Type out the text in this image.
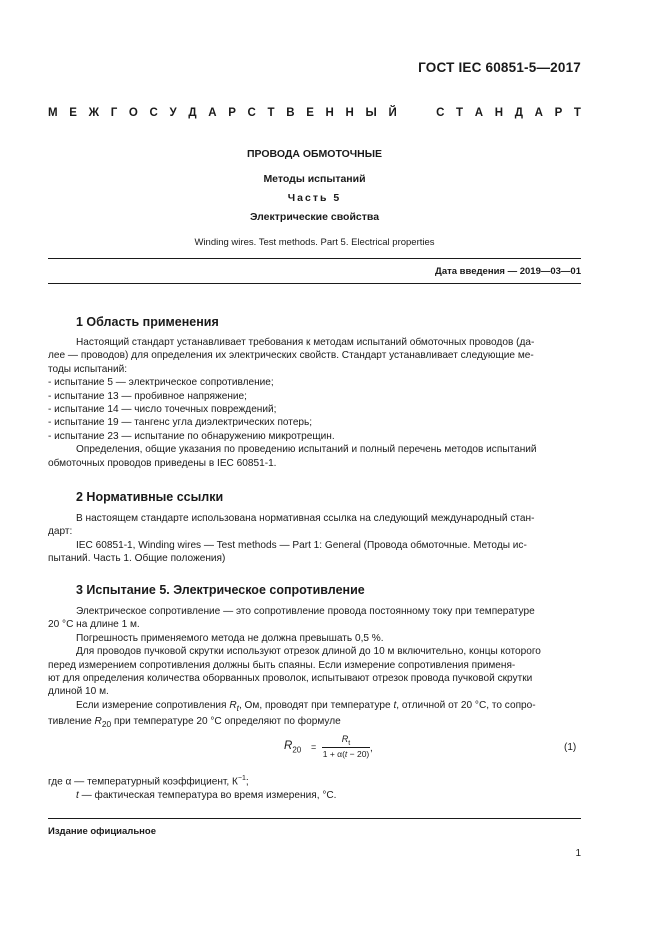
ГОСТ IEC 60851-5—2017
М Е Ж Г О С У Д А Р С Т В Е Н Н Ы Й	С Т А Н Д А Р Т
ПРОВОДА ОБМОТОЧНЫЕ
Методы испытаний
Часть 5
Электрические свойства
Winding wires. Test methods. Part 5. Electrical properties
Дата введения — 2019—03—01
1 Область применения
Настоящий стандарт устанавливает требования к методам испытаний обмоточных проводов (да-
лее — проводов) для определения их электрических свойств. Стандарт устанавливает следующие ме-
тоды испытаний:
- испытание 5 — электрическое сопротивление;
- испытание 13 — пробивное напряжение;
- испытание 14 — число точечных повреждений;
- испытание 19 — тангенс угла диэлектрических потерь;
- испытание 23 — испытание по обнаружению микротрещин.
Определения, общие указания по проведению испытаний и полный перечень методов испытаний
обмоточных проводов приведены в IEC 60851-1.
2 Нормативные ссылки
В настоящем стандарте использована нормативная ссылка на следующий международный стан-
дарт:
IEC 60851-1, Winding wires — Test methods — Part 1: General (Провода обмоточные. Методы ис-
пытаний. Часть 1. Общие положения)
3 Испытание 5. Электрическое сопротивление
Электрическое сопротивление — это сопротивление провода постоянному току при температуре
20 °С на длине 1 м.
Погрешность применяемого метода не должна превышать 0,5 %.
Для проводов пучковой скрутки используют отрезок длиной до 10 м включительно, концы которого
перед измерением сопротивления должны быть спаяны. Если измерение сопротивления применя-
ют для определения количества оборванных проволок, испытывают отрезок провода пучковой скрутки
длиной 10 м.
Если измерение сопротивления $R_t$, Ом, проводят при температуре t, отличной от 20 °С, то сопро-
тивление $R_{20}$ при температуре 20 °С определяют по формуле
$R_{20}$ =
$R_t$
1 + α(t − 20) ,	(1)
где α — температурный коэффициент, $К^{-1}$;
t — фактическая температура во время измерения, °С.
Издание официальное
1
